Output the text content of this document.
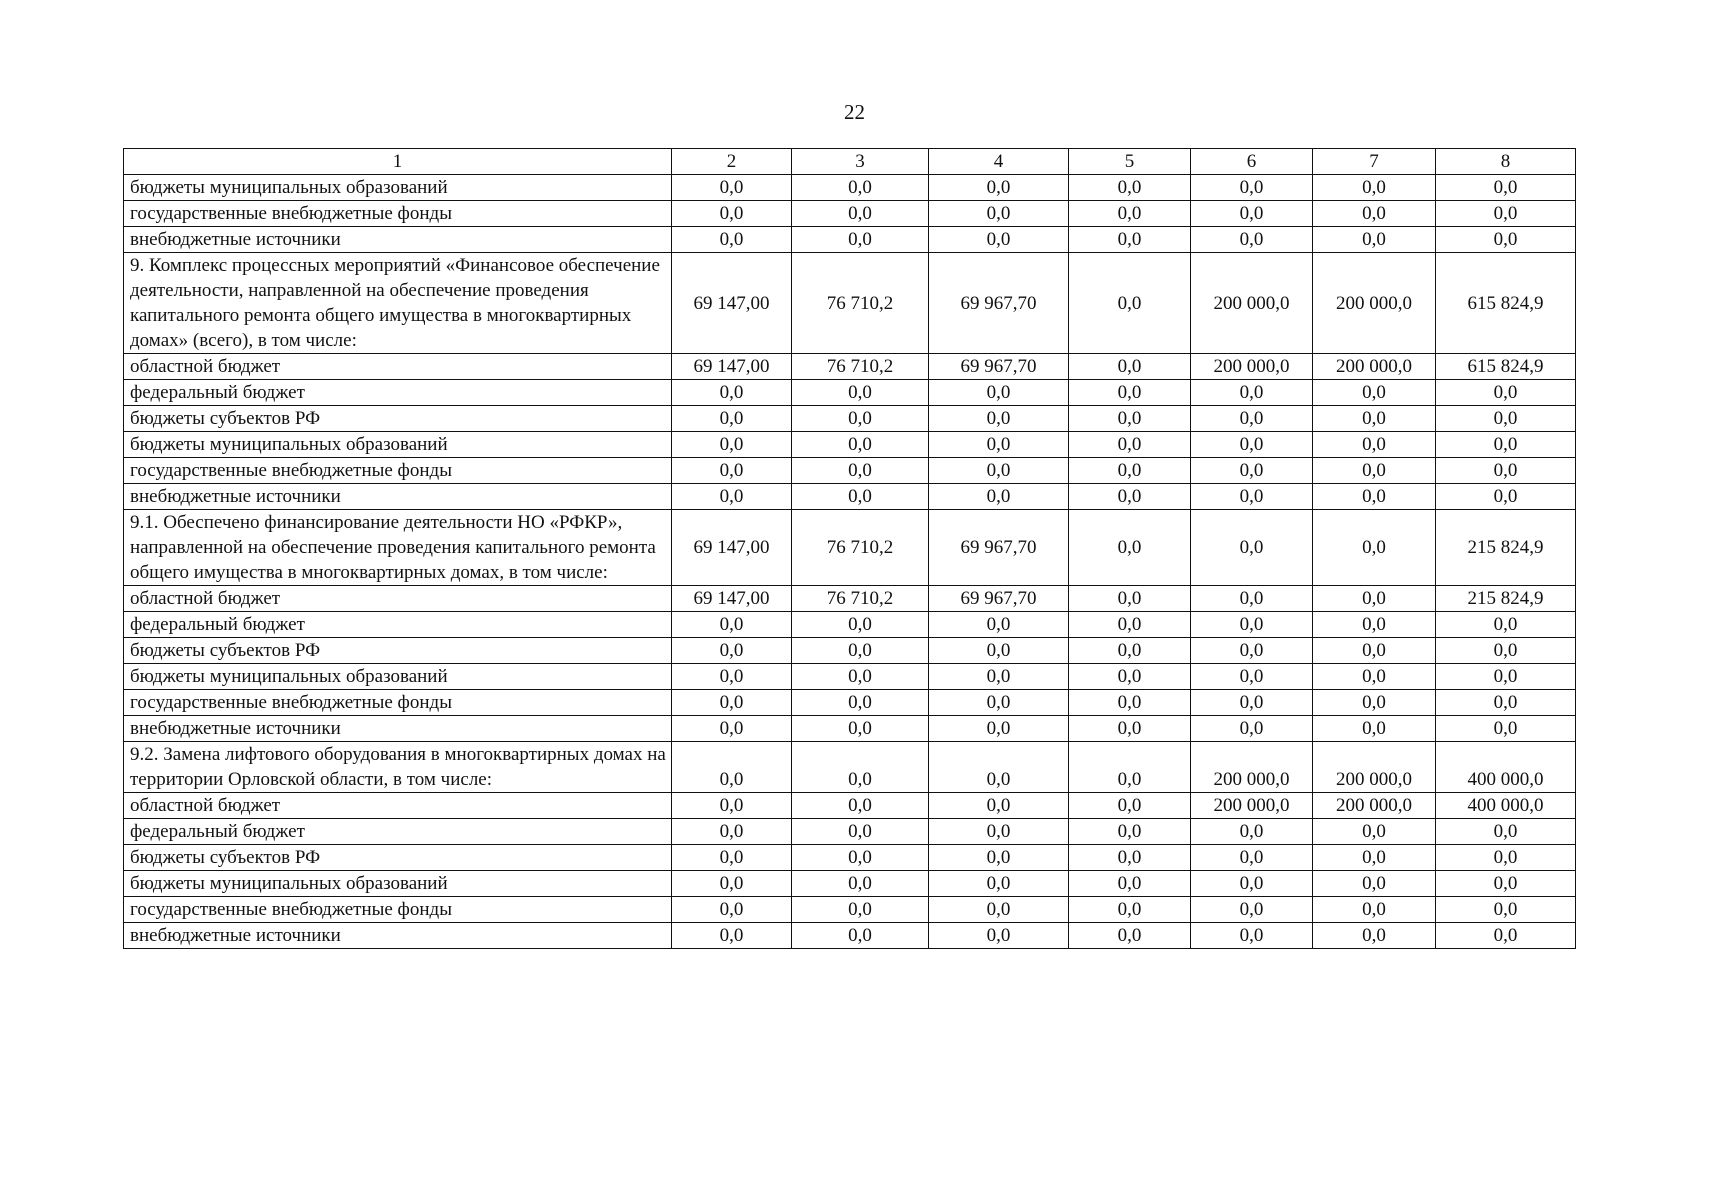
22
1	2	3	4	5	6	7	8
бюджеты муниципальных образований	0,0	0,0	0,0	0,0	0,0	0,0	0,0
государственные внебюджетные фонды	0,0	0,0	0,0	0,0	0,0	0,0	0,0
внебюджетные источники	0,0	0,0	0,0	0,0	0,0	0,0	0,0
9. Комплекс процессных мероприятий «Финансовое обеспечение деятельности, направленной на обеспечение проведения капитального ремонта общего имущества в многоквартирных домах» (всего), в том числе:	69 147,00	76 710,2	69 967,70	0,0	200 000,0	200 000,0	615 824,9
областной бюджет	69 147,00	76 710,2	69 967,70	0,0	200 000,0	200 000,0	615 824,9
федеральный бюджет	0,0	0,0	0,0	0,0	0,0	0,0	0,0
бюджеты субъектов РФ	0,0	0,0	0,0	0,0	0,0	0,0	0,0
бюджеты муниципальных образований	0,0	0,0	0,0	0,0	0,0	0,0	0,0
государственные внебюджетные фонды	0,0	0,0	0,0	0,0	0,0	0,0	0,0
внебюджетные источники	0,0	0,0	0,0	0,0	0,0	0,0	0,0
9.1. Обеспечено финансирование деятельности НО «РФКР», направленной на обеспечение проведения капитального ремонта общего имущества в многоквартирных домах, в том числе:	69 147,00	76 710,2	69 967,70	0,0	0,0	0,0	215 824,9
областной бюджет	69 147,00	76 710,2	69 967,70	0,0	0,0	0,0	215 824,9
федеральный бюджет	0,0	0,0	0,0	0,0	0,0	0,0	0,0
бюджеты субъектов РФ	0,0	0,0	0,0	0,0	0,0	0,0	0,0
бюджеты муниципальных образований	0,0	0,0	0,0	0,0	0,0	0,0	0,0
государственные внебюджетные фонды	0,0	0,0	0,0	0,0	0,0	0,0	0,0
внебюджетные источники	0,0	0,0	0,0	0,0	0,0	0,0	0,0
9.2. Замена лифтового оборудования в многоквартирных домах на территории Орловской области, в том числе:	0,0	0,0	0,0	0,0	200 000,0	200 000,0	400 000,0
областной бюджет	0,0	0,0	0,0	0,0	200 000,0	200 000,0	400 000,0
федеральный бюджет	0,0	0,0	0,0	0,0	0,0	0,0	0,0
бюджеты субъектов РФ	0,0	0,0	0,0	0,0	0,0	0,0	0,0
бюджеты муниципальных образований	0,0	0,0	0,0	0,0	0,0	0,0	0,0
государственные внебюджетные фонды	0,0	0,0	0,0	0,0	0,0	0,0	0,0
внебюджетные источники	0,0	0,0	0,0	0,0	0,0	0,0	0,0
